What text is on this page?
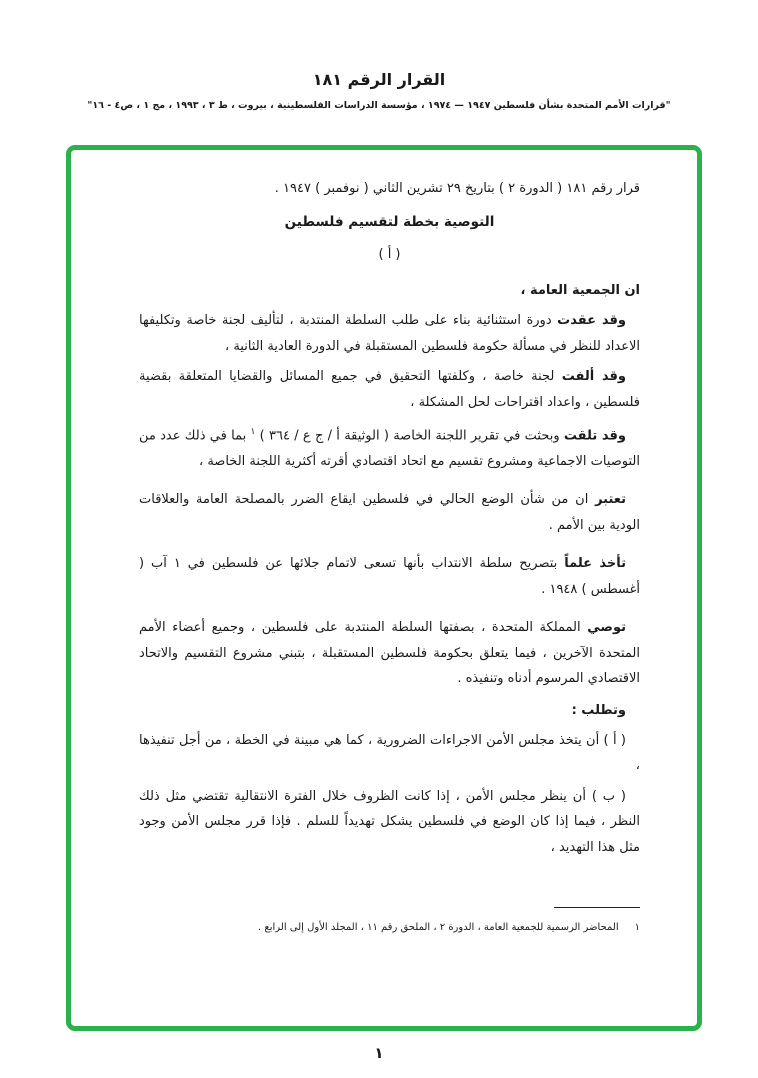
القرار الرقم ١٨١
"قرارات الأمم المتحدة بشأن فلسطين ١٩٤٧ — ١٩٧٤ ، مؤسسة الدراسات الفلسطينية ، بيروت ، ط ٣ ، ١٩٩٣ ، مج ١ ، ص٤ - ١٦"

قرار رقم ١٨١ ( الدورة ٢ ) بتاريخ ٢٩ تشرين الثاني ( نوفمبر ) ١٩٤٧ .

التوصية بخطة لتقسيم فلسطين

( أ )

ان الجمعية العامة ،

وقد عقدت دورة استثنائية بناء على طلب السلطة المنتدبة ، لتأليف لجنة خاصة وتكليفها الاعداد للنظر في مسألة حكومة فلسطين المستقبلة في الدورة العادية الثانية ،

وقد ألفت لجنة خاصة ، وكلفتها التحقيق في جميع المسائل والقضايا المتعلقة بقضية فلسطين ، واعداد اقتراحات لحل المشكلة ،

وقد تلقت وبحثت في تقرير اللجنة الخاصة ( الوثيقة أ / ج ع / ٣٦٤ ) $^١$ بما في ذلك عدد من التوصيات الاجماعية ومشروع تقسيم مع اتحاد اقتصادي أقرته أكثرية اللجنة الخاصة ،

تعتبر ان من شأن الوضع الحالي في فلسطين ايقاع الضرر بالمصلحة العامة والعلاقات الودية بين الأمم .

تأخذ علماً بتصريح سلطة الانتداب بأنها تسعى لاتمام جلائها عن فلسطين في ١ آب ( أغسطس ) ١٩٤٨ .

توصي المملكة المتحدة ، بصفتها السلطة المنتدبة على فلسطين ، وجميع أعضاء الأمم المتحدة الآخرين ، فيما يتعلق بحكومة فلسطين المستقبلة ، بتبني مشروع التقسيم والاتحاد الاقتصادي المرسوم أدناه وتنفيذه .

وتطلب :

( أ ) أن يتخذ مجلس الأمن الاجراءات الضرورية ، كما هي مبينة في الخطة ، من أجل تنفيذها ،

( ب ) أن ينظر مجلس الأمن ، إذا كانت الظروف خلال الفترة الانتقالية تقتضي مثل ذلك النظر ، فيما إذا كان الوضع في فلسطين يشكل تهديداً للسلم . فإذا قرر مجلس الأمن وجود مثل هذا التهديد ،

١المحاضر الرسمية للجمعية العامة ، الدورة ٢ ، الملحق رقم ١١ ، المجلد الأول إلى الرابع .

١
